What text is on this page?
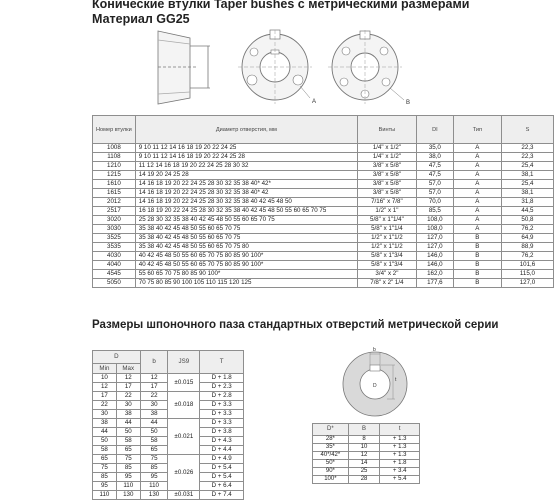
Конические втулки Taper bushes с метрическими размерами
Материал GG25
A	B
Номер втулки	Диаметр отверстия, мм	Винты	DI	Тип	S
1008	9 10 11 12 14 16 18 19 20 22 24 25	1/4" x 1/2"	35,0	A	22,3
1108	9 10 11 12 14 16 18 19 20 22 24 25 28	1/4" x 1/2"	38,0	A	22,3
1210	11 12 14 16 18 19 20 22 24 25 28 30 32	3/8" x 5/8"	47,5	A	25,4
1215	14 19 20 24 25 28	3/8" x 5/8"	47,5	A	38,1
1610	14 16 18 19 20 22 24 25 28 30 32 35 38 40* 42*	3/8" x 5/8"	57,0	A	25,4
1615	14 16 18 19 20 22 24 25 28 30 32 35 38 40* 42	3/8" x 5/8"	57,0	A	38,1
2012	14 16 18 19 20 22 24 25 28 30 32 35 38 40 42 45 48 50	7/16" x 7/8"	70,0	A	31,8
2517	16 18 19 20 22 24 25 28 30 32 35 38 40 42 45 48 50 55 60 65 70 75	1/2" x 1"	85,5	A	44,5
3020	25 28 30 32 35 38 40 42 45 48 50 55 60 65 70 75	5/8" x 1"1/4"	108,0	A	50,8
3030	35 38 40 42 45 48 50 55 60 65 70 75	5/8" x 1"1/4	108,0	A	76,2
3525	35 38 40 42 45 48 50 55 60 65 70 75	1/2" x 1"1/2	127,0	B	64,9
3535	35 38 40 42 45 48 50 55 60 65 70 75 80	1/2" x 1"1/2	127,0	B	88,9
4030	40 42 45 48 50 55 60 65 70 75 80 85 90 100*	5/8" x 1"3/4	146,0	B	76,2
4040	40 42 45 48 50 55 60 65 70 75 80 85 90 100*	5/8" x 1"3/4	146,0	B	101,6
4545	55 60 65 70 75 80 85 90 100*	3/4" x 2"	162,0	B	115,0
5050	70 75 80 85 90 100 105 110 115 120 125	7/8" x 2" 1/4	177,6	B	127,0
Размеры шпоночного паза стандартных отверстий метрической серии
D		b	JS9	T
Min	Max			
10	12	12	±0.015	D + 1.8
12	17	17		D + 2.3
17	22	22	±0.018	D + 2.8
22	30	30		D + 3.3
30	38	38		D + 3.3
38	44	44	±0.021	D + 3.3
44	50	50		D + 3.8
50	58	58		D + 4.3
58	65	65		D + 4.4
65	75	75	±0.026	D + 4.9
75	85	85		D + 5.4
85	95	95		D + 5.4
95	110	110		D + 6.4
110	130	130	±0.031	D + 7.4
b
t
D
D*	B	t
28*	8	+ 1.3
35*	10	+ 1.3
40*/42*	12	+ 1.3
50*	14	+ 1.8
90*	25	+ 3.4
100*	28	+ 5.4
